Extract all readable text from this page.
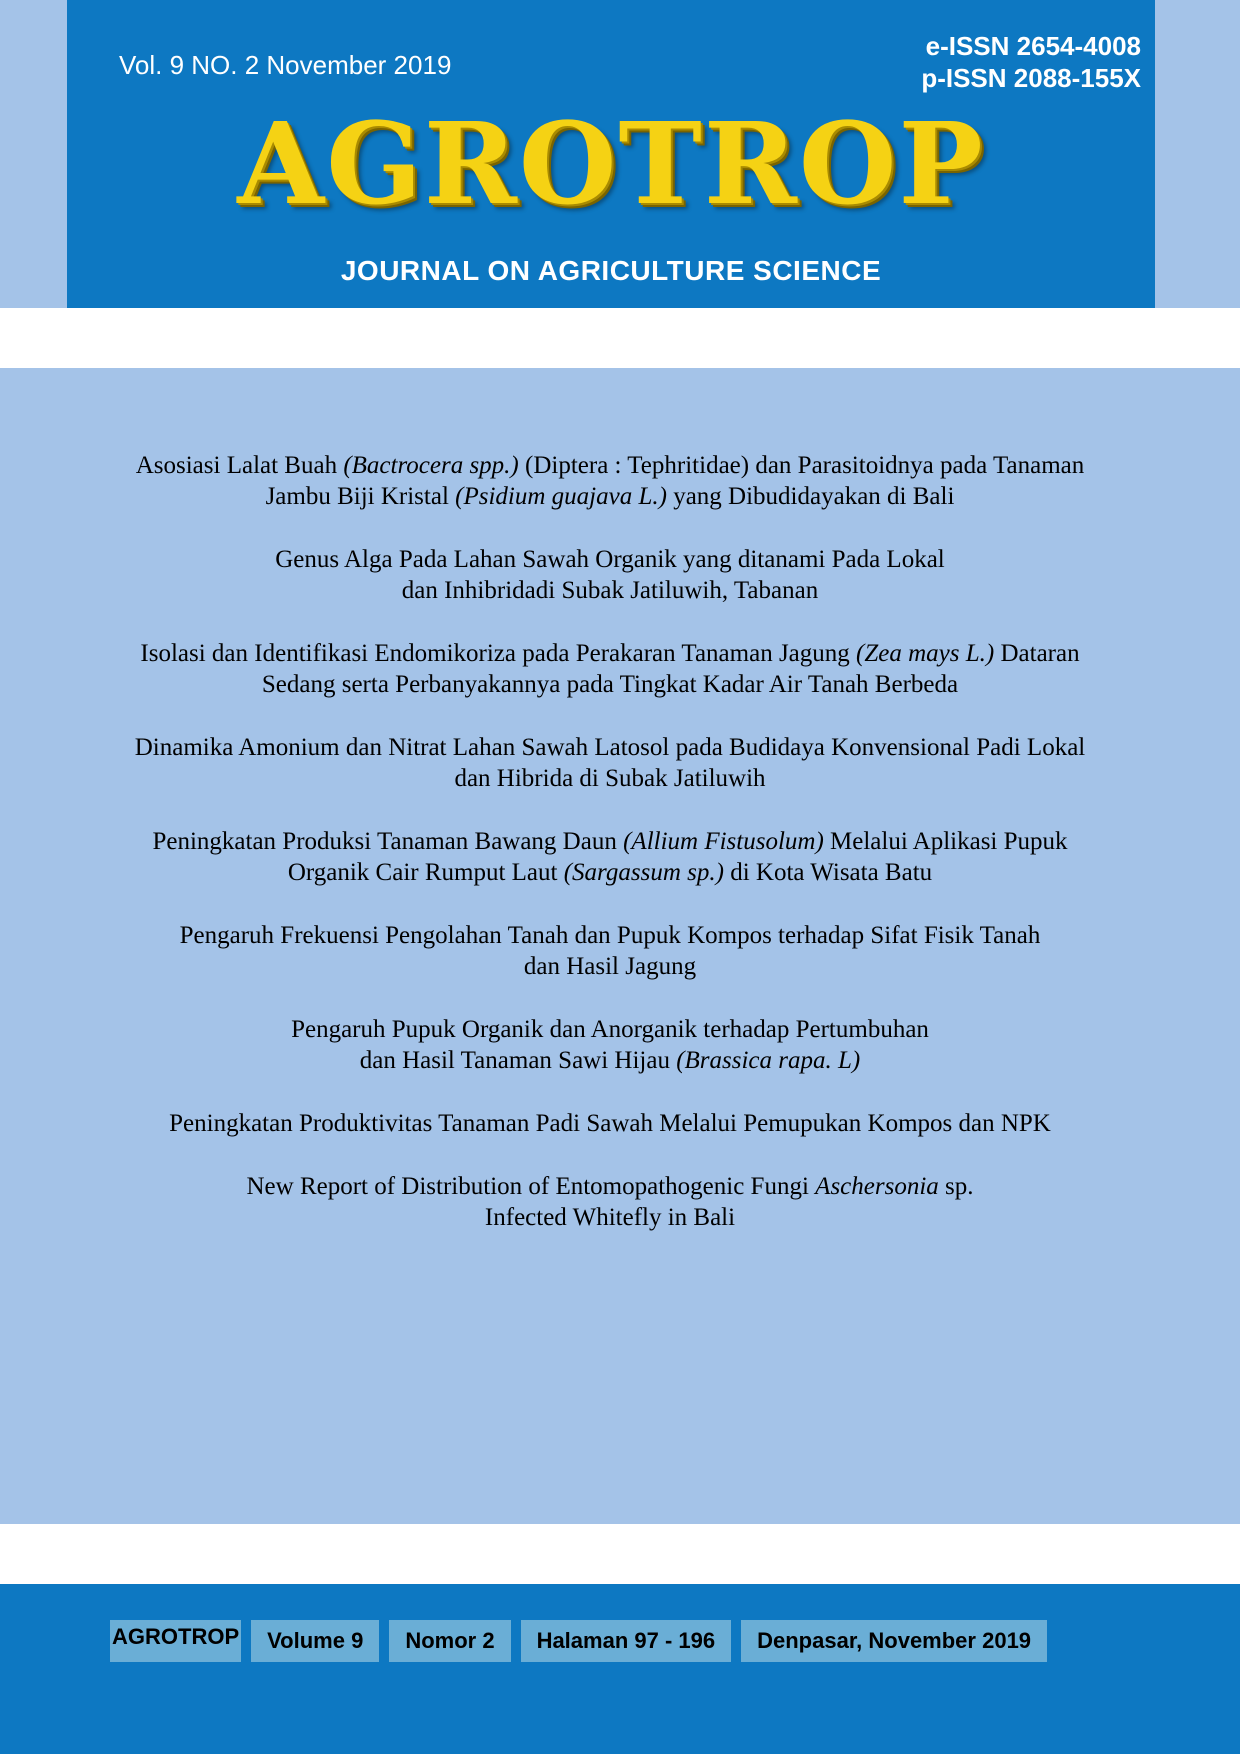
Vol. 9 NO. 2 November 2019
e-ISSN 2654-4008
p-ISSN 2088-155X
AGROTROP
JOURNAL ON AGRICULTURE SCIENCE
Asosiasi Lalat Buah (Bactrocera spp.) (Diptera : Tephritidae) dan Parasitoidnya pada Tanaman
Jambu Biji Kristal (Psidium guajava L.) yang Dibudidayakan di Bali
Genus Alga Pada Lahan Sawah Organik yang ditanami Pada Lokal
dan Inhibridadi Subak Jatiluwih, Tabanan
Isolasi dan Identifikasi Endomikoriza pada Perakaran Tanaman Jagung (Zea mays L.) Dataran
Sedang serta Perbanyakannya pada Tingkat Kadar Air Tanah Berbeda
Dinamika Amonium dan Nitrat Lahan Sawah Latosol pada Budidaya Konvensional Padi Lokal
dan Hibrida di Subak Jatiluwih
Peningkatan Produksi Tanaman Bawang Daun (Allium Fistusolum) Melalui Aplikasi Pupuk
Organik Cair Rumput Laut (Sargassum sp.) di Kota Wisata Batu
Pengaruh Frekuensi Pengolahan Tanah dan Pupuk Kompos terhadap Sifat Fisik Tanah
dan Hasil Jagung
Pengaruh Pupuk Organik dan Anorganik terhadap Pertumbuhan
dan Hasil Tanaman Sawi Hijau (Brassica rapa. L)
Peningkatan Produktivitas Tanaman Padi Sawah Melalui Pemupukan Kompos dan NPK
New Report of Distribution of Entomopathogenic Fungi Aschersonia sp.
Infected Whitefly in Bali
AGROTROP	Volume 9	Nomor 2	Halaman 97 - 196	Denpasar, November 2019
